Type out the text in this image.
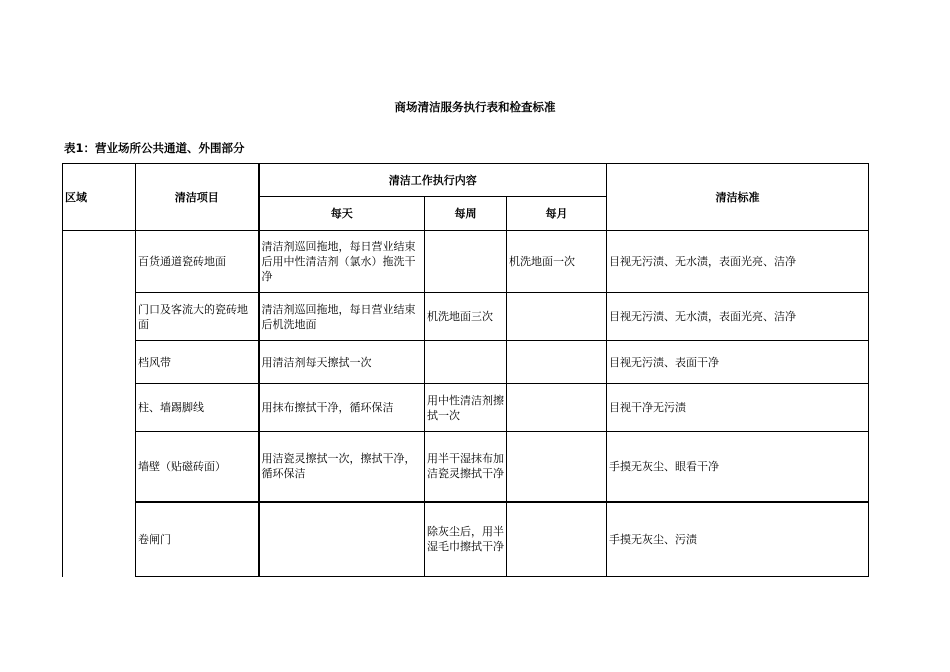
商场清洁服务执行表和检查标准
表1：营业场所公共通道、外围部分
区域	清洁项目	清洁工作执行内容			清洁标准
		每天	每周	每月	
	百货通道瓷砖地面	清洁剂巡回拖地，每日营业结束后用中性清洁剂（氯水）拖洗干净		机洗地面一次	目视无污渍、无水渍，表面光亮、洁净
	门口及客流大的瓷砖地面	清洁剂巡回拖地，每日营业结束后机洗地面	机洗地面三次		目视无污渍、无水渍，表面光亮、洁净
	档风带	用清洁剂每天擦拭一次			目视无污渍、表面干净
	柱、墙踢脚线	用抹布擦拭干净，循环保洁	用中性清洁剂擦拭一次		目视干净无污渍
	墙壁（贴磁砖面）	用洁瓷灵擦拭一次，擦拭干净，循环保洁	用半干湿抹布加洁瓷灵擦拭干净		手摸无灰尘、眼看干净
	卷闸门		除灰尘后，用半湿毛巾擦拭干净		手摸无灰尘、污渍
